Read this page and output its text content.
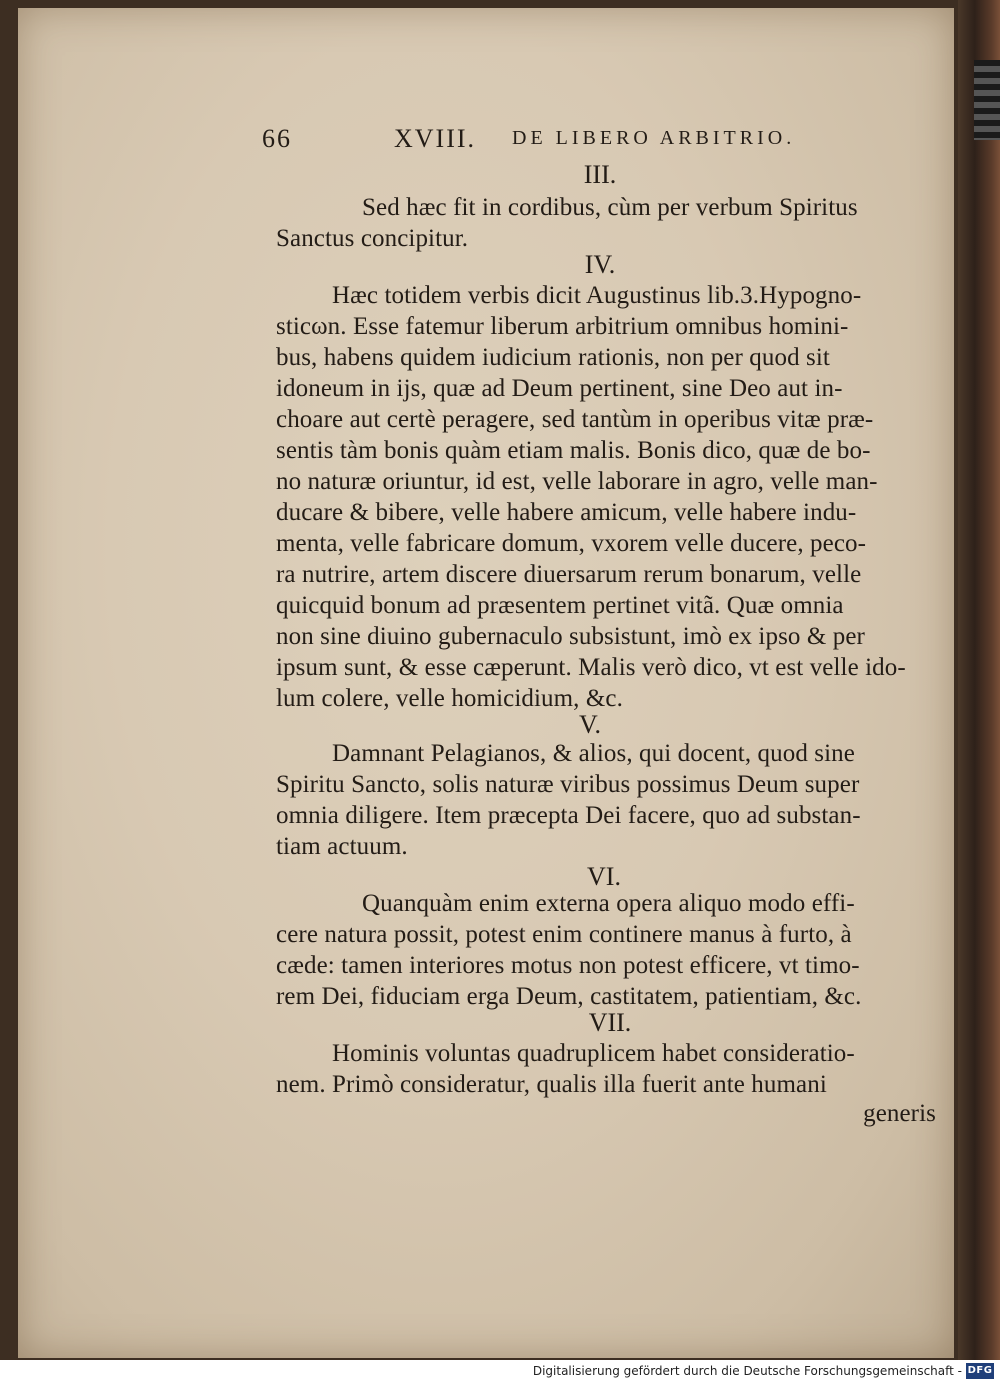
66	XVIII. DE LIBERO ARBITRIO.
III.
Sed hæc fit in cordibus, cùm per verbum Spiritus
Sanctus concipitur.
IV.
Hæc totidem verbis dicit Augustinus lib.3.Hypogno-
sticωn. Esse fatemur liberum arbitrium omnibus homini-
bus, habens quidem iudicium rationis, non per quod sit
idoneum in ijs, quæ ad Deum pertinent, sine Deo aut in-
choare aut certè peragere, sed tantùm in operibus vitæ præ-
sentis tàm bonis quàm etiam malis. Bonis dico, quæ de bo-
no naturæ oriuntur, id est, velle laborare in agro, velle man-
ducare & bibere, velle habere amicum, velle habere indu-
menta, velle fabricare domum, vxorem velle ducere, peco-
ra nutrire, artem discere diuersarum rerum bonarum, velle
quicquid bonum ad præsentem pertinet vitã. Quæ omnia
non sine diuino gubernaculo subsistunt, imò ex ipso & per
ipsum sunt, & esse cæperunt. Malis verò dico, vt est velle ido-
lum colere, velle homicidium, &c.
V.
Damnant Pelagianos, & alios, qui docent, quod sine
Spiritu Sancto, solis naturæ viribus possimus Deum super
omnia diligere. Item præcepta Dei facere, quo ad substan-
tiam actuum.
VI.
Quanquàm enim externa opera aliquo modo effi-
cere natura possit, potest enim continere manus à furto, à
cæde: tamen interiores motus non potest efficere, vt timo-
rem Dei, fiduciam erga Deum, castitatem, patientiam, &c.
VII.
Hominis voluntas quadruplicem habet consideratio-
nem. Primò consideratur, qualis illa fuerit ante humani
generis
Digitalisierung gefördert durch die Deutsche Forschungsgemeinschaft - DFG
